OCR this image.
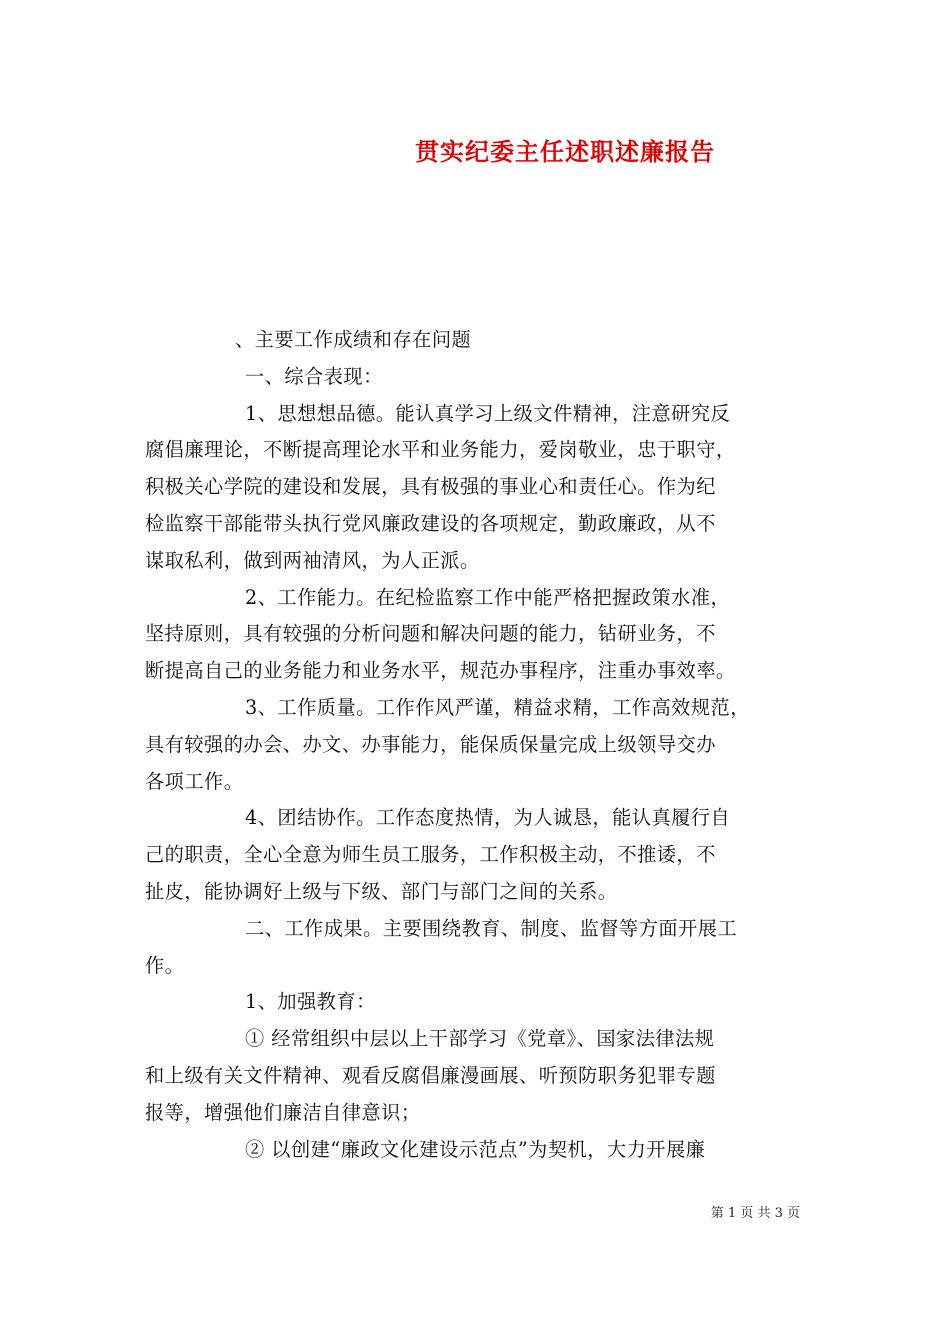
贯实纪委主任述职述廉报告

、主要工作成绩和存在问题

一、综合表现：

1、思想想品德。能认真学习上级文件精神，注意研究反

腐倡廉理论，不断提高理论水平和业务能力，爱岗敬业，忠于职守，

积极关心学院的建设和发展，具有极强的事业心和责任心。作为纪

检监察干部能带头执行党风廉政建设的各项规定，勤政廉政，从不

谋取私利，做到两袖清风，为人正派。

2、工作能力。在纪检监察工作中能严格把握政策水准，

坚持原则，具有较强的分析问题和解决问题的能力，钻研业务，不

断提高自己的业务能力和业务水平，规范办事程序，注重办事效率。

3、工作质量。工作作风严谨，精益求精，工作高效规范，

具有较强的办会、办文、办事能力，能保质保量完成上级领导交办

各项工作。

4、团结协作。工作态度热情，为人诚恳，能认真履行自

己的职责，全心全意为师生员工服务，工作积极主动，不推诿，不

扯皮，能协调好上级与下级、部门与部门之间的关系。

二、工作成果。主要围绕教育、制度、监督等方面开展工

作。

1、加强教育：

① 经常组织中层以上干部学习《党章》、国家法律法规

和上级有关文件精神、观看反腐倡廉漫画展、听预防职务犯罪专题

报等，增强他们廉洁自律意识；

② 以创建“廉政文化建设示范点”为契机，大力开展廉

第 1 页 共 3 页
